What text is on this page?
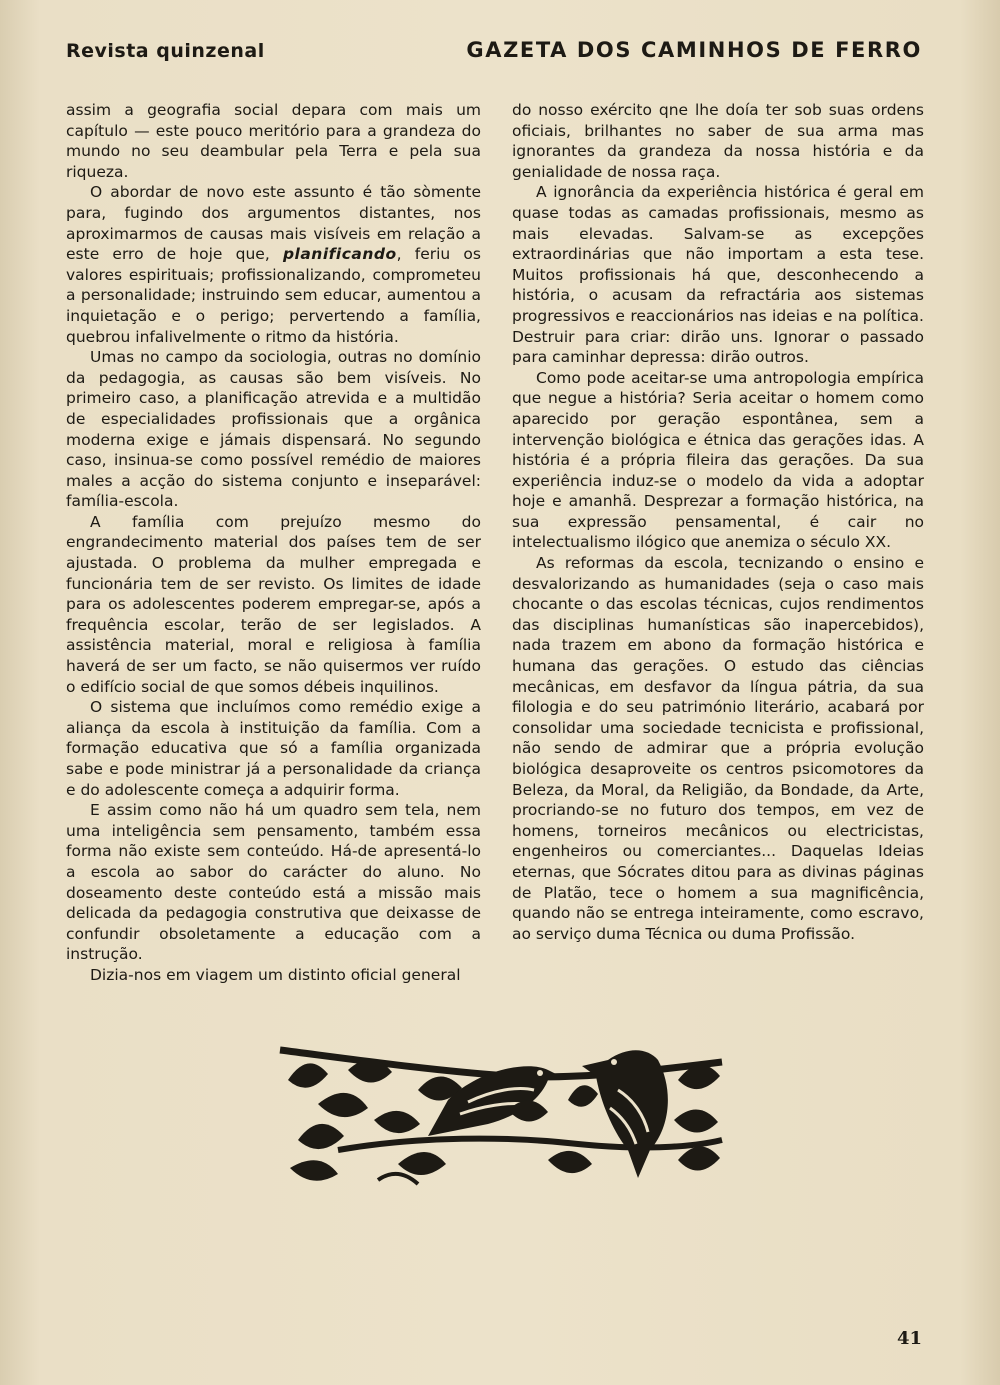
Revista quinzenal	GAZETA DOS CAMINHOS DE FERRO

assim a geografia social depara com mais um capítulo — este pouco meritório para a grandeza do mundo no seu deambular pela Terra e pela sua riqueza.

O abordar de novo este assunto é tão sòmente para, fugindo dos argumentos distantes, nos aproximarmos de causas mais visíveis em relação a este erro de hoje que, planificando, feriu os valores espirituais; profissionalizando, comprometeu a personalidade; instruindo sem educar, aumentou a inquietação e o perigo; pervertendo a família, quebrou infalivelmente o ritmo da história.

Umas no campo da sociologia, outras no domínio da pedagogia, as causas são bem visíveis. No primeiro caso, a planificação atrevida e a multidão de especialidades profissionais que a orgânica moderna exige e jámais dispensará. No segundo caso, insinua-se como possível remédio de maiores males a acção do sistema conjunto e inseparável: família-escola.

A família com prejuízo mesmo do engrandecimento material dos países tem de ser ajustada. O problema da mulher empregada e funcionária tem de ser revisto. Os limites de idade para os adolescentes poderem empregar-se, após a frequência escolar, terão de ser legislados. A assistência material, moral e religiosa à família haverá de ser um facto, se não quisermos ver ruído o edifício social de que somos débeis inquilinos.

O sistema que incluímos como remédio exige a aliança da escola à instituição da família. Com a formação educativa que só a família organizada sabe e pode ministrar já a personalidade da criança e do adolescente começa a adquirir forma.

E assim como não há um quadro sem tela, nem uma inteligência sem pensamento, também essa forma não existe sem conteúdo. Há-de apresentá-lo a escola ao sabor do carácter do aluno. No doseamento deste conteúdo está a missão mais delicada da pedagogia construtiva que deixasse de confundir obsoletamente a educação com a instrução.

Dizia-nos em viagem um distinto oficial general

do nosso exército qne lhe doía ter sob suas ordens oficiais, brilhantes no saber de sua arma mas ignorantes da grandeza da nossa história e da genialidade de nossa raça.

A ignorância da experiência histórica é geral em quase todas as camadas profissionais, mesmo as mais elevadas. Salvam-se as excepções extraordinárias que não importam a esta tese. Muitos profissionais há que, desconhecendo a história, o acusam da refractária aos sistemas progressivos e reaccionários nas ideias e na política. Destruir para criar: dirão uns. Ignorar o passado para caminhar depressa: dirão outros.

Como pode aceitar-se uma antropologia empírica que negue a história? Seria aceitar o homem como aparecido por geração espontânea, sem a intervenção biológica e étnica das gerações idas. A história é a própria fileira das gerações. Da sua experiência induz-se o modelo da vida a adoptar hoje e amanhã. Desprezar a formação histórica, na sua expressão pensamental, é cair no intelectualismo ilógico que anemiza o século XX.

As reformas da escola, tecnizando o ensino e desvalorizando as humanidades (seja o caso mais chocante o das escolas técnicas, cujos rendimentos das disciplinas humanísticas são inapercebidos), nada trazem em abono da formação histórica e humana das gerações. O estudo das ciências mecânicas, em desfavor da língua pátria, da sua filologia e do seu património literário, acabará por consolidar uma sociedade tecnicista e profissional, não sendo de admirar que a própria evolução biológica desaproveite os centros psicomotores da Beleza, da Moral, da Religião, da Bondade, da Arte, procriando-se no futuro dos tempos, em vez de homens, torneiros mecânicos ou electricistas, engenheiros ou comerciantes... Daquelas Ideias eternas, que Sócrates ditou para as divinas páginas de Platão, tece o homem a sua magnificência, quando não se entrega inteiramente, como escravo, ao serviço duma Técnica ou duma Profissão.

41
